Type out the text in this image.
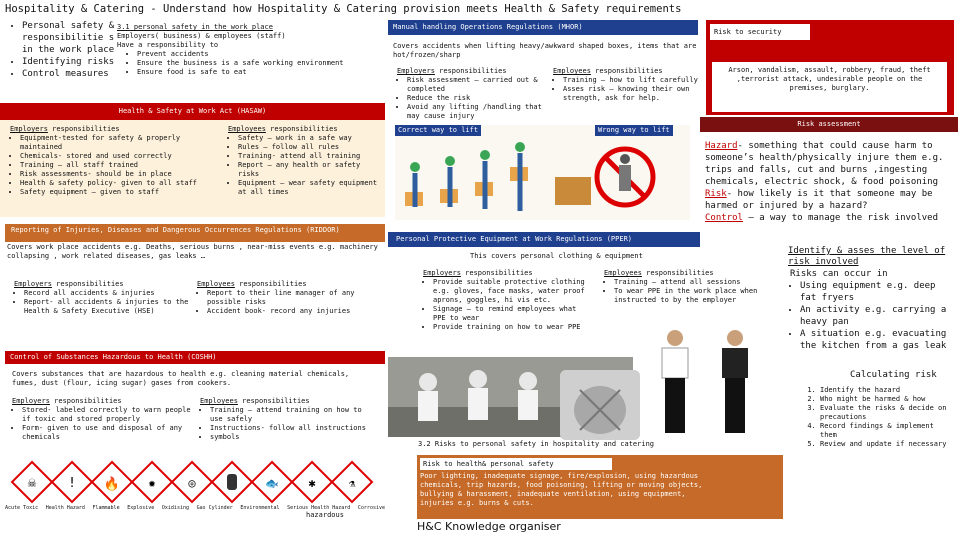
Hospitality & Catering - Understand how Hospitality & Catering provision meets Health & Safety requirements
• Personal safety & responsibilitie s in the work place
• Identifying risks
• Control measures
3.1 personal safety in the work place
Employers( business) & employees (staff)
Have a responsibility to
• Prevent accidents
• Ensure the business is a safe working environment
• Ensure food is safe to eat
Health & Safety at Work Act (HASAW)
Employers responsibilities
• Equipment-tested for safety & properly maintained
• Chemicals- stored and used correctly
• Training – all staff trained
• Risk assessments- should be in place
• Health & safety policy- given to all staff
• Safety equipment – given to staff
Employees responsibilities
• Safety – work in a safe way
• Rules – follow all rules
• Training- attend all training
• Report – any health or safety risks
• Equipment – wear safety equipment at all times
Reporting of Injuries, Diseases and Dangerous Occurrences Regulations (RIDDOR)
Covers work place accidents e.g. Deaths, serious burns , near-miss events e.g. machinery collapsing , work related diseases, gas leaks …
Employers responsibilities
• Record all accidents & injuries
• Report- all accidents & injuries to the Health & Safety Executive (HSE)
Employees responsibilities
• Report to their line manager of any possible risks
• Accident book- record any injuries
Control of Substances Hazardous to Health (COSHH)
Covers substances that are hazardous to health e.g. cleaning material chemicals, fumes, dust (flour, icing sugar) gases from cookers.
Employers responsibilities
• Stored- labeled correctly to warn people if toxic and stored properly
• Form- given to use and disposal of any chemicals
Employees responsibilities
• Training – attend training on how to use safely
• Instructions- follow all instructions
• symbols
☠ ! 🔥 ✹	◎	🐟 ✱	⚗
Acute Toxic Health Hazard Flammable Explosive Oxidising Gas Cylinder Environmental Serious Health Hazard Corrosive
hazardous
Manual handling Operations Regulations (MHOR)
Covers accidents when lifting heavy/awkward shaped boxes, items that are hot/frozen/sharp
Employers responsibilities
• Risk assessment – carried out & completed
• Reduce the risk
• Avoid any lifting /handling that may cause injury
Employees responsibilities
• Training – how to lift carefully
• Asses risk – knowing their own strength, ask for help.
Correct way to lift	Wrong way to lift
Personal Protective Equipment at Work Regulations (PPER)
This covers personal clothing & equipment
Employers responsibilities
• Provide suitable protective clothing e.g. gloves, face masks, water proof aprons, goggles, hi vis etc.
• Signage – to remind employees what PPE to wear
• Provide training on how to wear PPE
Employees responsibilities
• Training – attend all sessions
• To wear PPE in the work place when instructed to by the employer
3.2 Risks to personal safety in hospitality and catering
Risk to health& personal safety
Poor lighting, inadequate signage, fire/explosion, using hazardous chemicals, trip hazards, food poisoning, lifting or moving objects, bullying & harassment, inadequate ventilation, using equipment, injuries e.g. burns & cuts.
H&C Knowledge organiser
Risk to security
Arson, vandalism, assault, robbery, fraud, theft ,terrorist attack, undesirable people on the premises, burglary.
Risk assessment
Hazard- something that could cause harm to someone’s health/physically injure them e.g. trips and falls, cut and burns ,ingesting chemicals, electric shock, & food poisoning
Risk- how likely is it that someone may be harmed or injured by a hazard?
Control – a way to manage the risk involved
Identify & asses the level of risk involved
Risks can occur in
• Using equipment e.g. deep fat fryers
• An activity e.g. carrying a heavy pan
• A situation e.g. evacuating the kitchen from a gas leak
Calculating risk
1. Identify the hazard
2. Who might be harmed & how
3. Evaluate the risks & decide on precautions
4. Record findings & implement them
5. Review and update if necessary
